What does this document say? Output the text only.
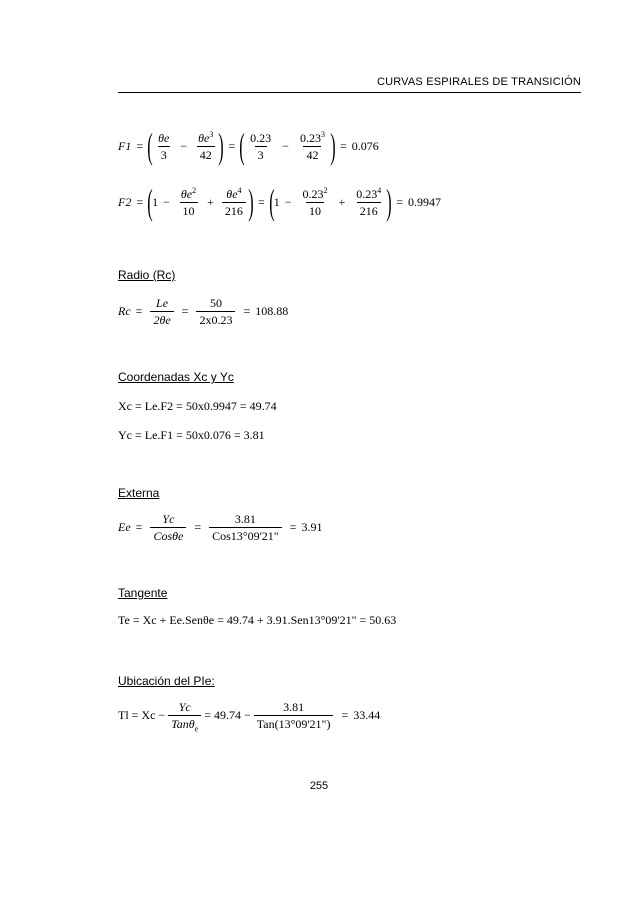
CURVAS ESPIRALES DE TRANSICIÓN
F1 = ( $\frac{\theta e}{3} - \frac{\theta e^3}{42}$ ) = ( $\frac{0.23}{3} - \frac{0.23^3}{42}$ ) = 0.076
F2 = ( $1 - \frac{\theta e^2}{10} + \frac{\theta e^4}{216}$ ) = ( $1 - \frac{0.23^2}{10} + \frac{0.23^4}{216}$ ) = 0.9947
Radio (Rc)
$Rc = \frac{Le}{2\theta e} = \frac{50}{2x0.23} = 108.88$
Coordenadas Xc y Yc
Xc = Le.F2 = 50x0.9947 = 49.74
Yc = Le.F1 = 50x0.076 = 3.81
Externa
$Ee = \frac{Yc}{\text{Cosθe}} = \frac{3.81}{\text{Cos13°09'21"}} = 3.91$
Tangente
Te = Xc + Ee.Senθe = 49.74 + 3.91.Sen13°09'21" = 50.63
Ubicación del PIe:
$Tl = Xc - \frac{Yc}{Tan\theta_e} = 49.74 - \frac{3.81}{\text{Tan(13°09'21")}} = 33.44$
255
